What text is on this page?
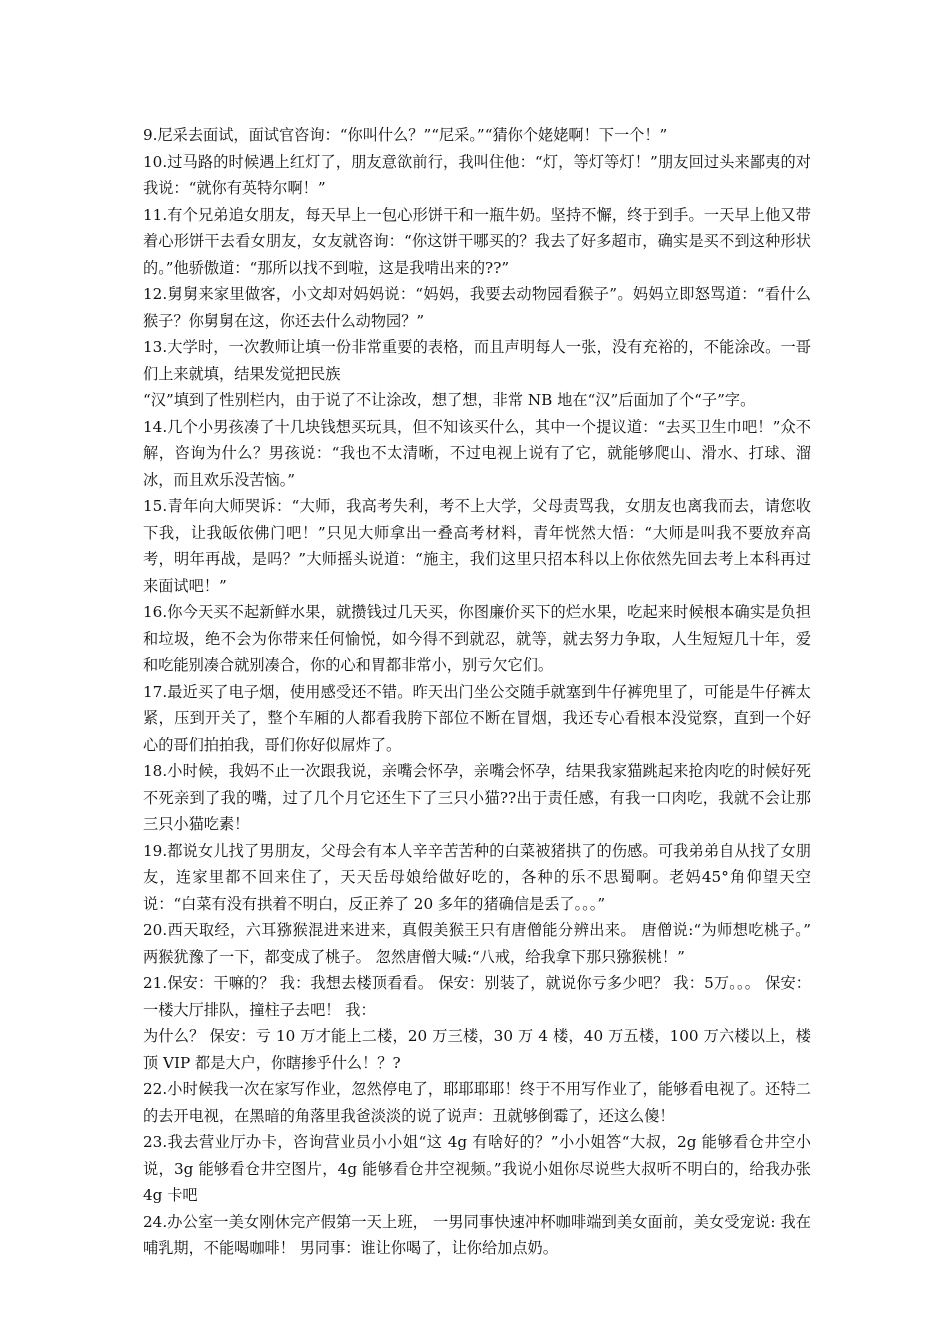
9.尼采去面试，面试官咨询：“你叫什么？”“尼采。”“猜你个姥姥啊！下一个！”

10.过马路的时候遇上红灯了，朋友意欲前行，我叫住他：“灯，等灯等灯！”朋友回过头来鄙夷的对我说：“就你有英特尔啊！”

11.有个兄弟追女朋友，每天早上一包心形饼干和一瓶牛奶。坚持不懈，终于到手。一天早上他又带着心形饼干去看女朋友，女友就咨询：“你这饼干哪买的？我去了好多超市，确实是买不到这种形状的。”他骄傲道：“那所以找不到啦，这是我啃出来的??”

12.舅舅来家里做客，小文却对妈妈说：“妈妈，我要去动物园看猴子”。妈妈立即怒骂道：“看什么猴子？你舅舅在这，你还去什么动物园？”

13.大学时，一次教师让填一份非常重要的表格，而且声明每人一张，没有充裕的，不能涂改。一哥们上来就填，结果发觉把民族

“汉”填到了性别栏内，由于说了不让涂改，想了想，非常 NB 地在“汉”后面加了个“子”字。

14.几个小男孩凑了十几块钱想买玩具，但不知该买什么，其中一个提议道：“去买卫生巾吧！”众不解，咨询为什么？男孩说：“我也不太清晰，不过电视上说有了它，就能够爬山、滑水、打球、溜冰，而且欢乐没苦恼。”

15.青年向大师哭诉：“大师，我高考失利，考不上大学，父母责骂我，女朋友也离我而去，请您收下我，让我皈依佛门吧！”只见大师拿出一叠高考材料，青年恍然大悟：“大师是叫我不要放弃高考，明年再战，是吗？”大师摇头说道：“施主，我们这里只招本科以上你依然先回去考上本科再过来面试吧！”

16.你今天买不起新鲜水果，就攒钱过几天买，你图廉价买下的烂水果，吃起来时候根本确实是负担和垃圾，绝不会为你带来任何愉悦，如今得不到就忍，就等，就去努力争取，人生短短几十年，爱和吃能别凑合就别凑合，你的心和胃都非常小，别亏欠它们。

17.最近买了电子烟，使用感受还不错。昨天出门坐公交随手就塞到牛仔裤兜里了，可能是牛仔裤太紧，压到开关了，整个车厢的人都看我胯下部位不断在冒烟，我还专心看根本没觉察，直到一个好心的哥们拍拍我，哥们你好似屌炸了。

18.小时候，我妈不止一次跟我说，亲嘴会怀孕，亲嘴会怀孕，结果我家猫跳起来抢肉吃的时候好死不死亲到了我的嘴，过了几个月它还生下了三只小猫??出于责任感，有我一口肉吃，我就不会让那三只小猫吃素！

19.都说女儿找了男朋友，父母会有本人辛辛苦苦种的白菜被猪拱了的伤感。可我弟弟自从找了女朋友，连家里都不回来住了，天天岳母娘给做好吃的，各种的乐不思蜀啊。老妈45°角仰望天空说：“白菜有没有拱着不明白，反正养了 20 多年的猪确信是丢了。。。”

20.西天取经，六耳猕猴混进来进来，真假美猴王只有唐僧能分辨出来。 唐僧说:“为师想吃桃子。” 两猴犹豫了一下，都变成了桃子。 忽然唐僧大喊:“八戒，给我拿下那只猕猴桃！”

21.保安：干嘛的？ 我：我想去楼顶看看。 保安：别装了，就说你亏多少吧？ 我：5万。。。 保安：一楼大厅排队，撞柱子去吧！ 我：

为什么？ 保安：亏 10 万才能上二楼，20 万三楼，30 万 4 楼，40 万五楼，100 万六楼以上，楼顶 VIP 都是大户，你瞎掺乎什么！？?

22.小时候我一次在家写作业，忽然停电了，耶耶耶耶！终于不用写作业了，能够看电视了。还特二的去开电视，在黑暗的角落里我爸淡淡的说了说声：丑就够倒霉了，还这么傻！

23.我去营业厅办卡，咨询营业员小小姐“这 4g 有啥好的？”小小姐答“大叔，2g 能够看仓井空小说，3g 能够看仓井空图片，4g 能够看仓井空视频。”我说小姐你尽说些大叔听不明白的，给我办张 4g 卡吧

24.办公室一美女刚休完产假第一天上班， 一男同事快速冲杯咖啡端到美女面前，美女受宠说: 我在哺乳期，不能喝咖啡！ 男同事：谁让你喝了，让你给加点奶。
